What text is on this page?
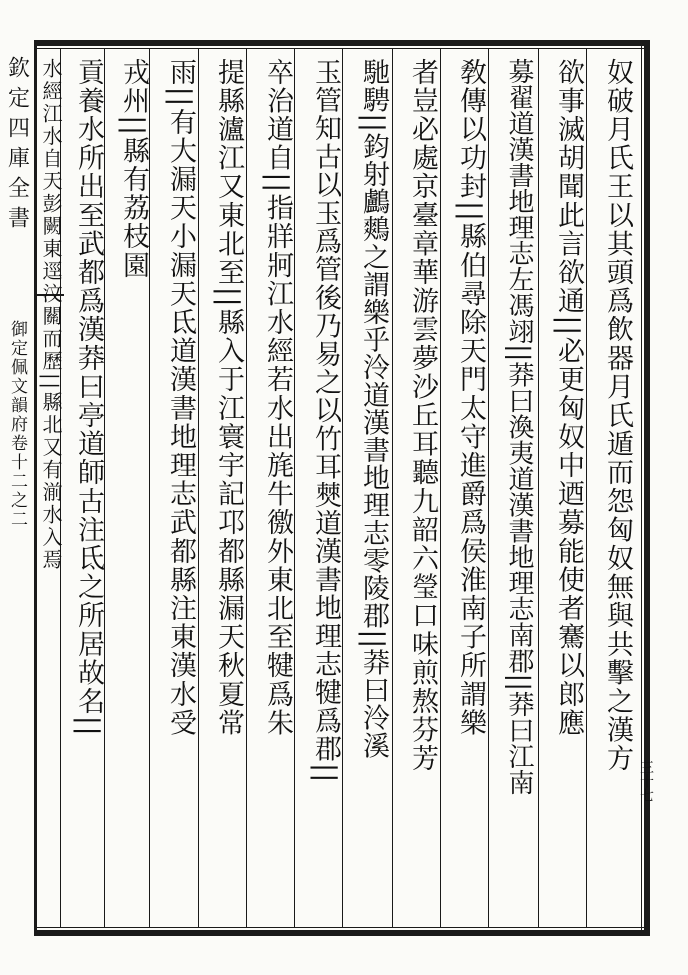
欽定四庫全書
御定佩文韻府卷十二之二
三十七
奴破月氏王以其頭爲飲器月氏遁而怨匈奴無與共擊之漢方
欲事滅胡聞此言欲通||必更匈奴中迺募能使者騫以郎應
募翟道漢書地理志左馮翊||莽曰渙夷道漢書地理志南郡||莽曰江南
敎傳以功封||縣伯尋除天門太守進爵爲侯淮南子所謂樂
者豈必處京臺章華游雲夢沙丘耳聽九韶六瑩口味煎熬芬芳
馳騁||鈞射鸕鷞之謂樂乎泠道漢書地理志零陵郡||莽曰泠溪
玉管知古以玉爲管後乃易之以竹耳僰道漢書地理志犍爲郡||
卒治道自||指牂牁江水經若水出旄牛徼外東北至犍爲朱
提縣瀘江又東北至||縣入于江寰宇記邛都縣漏天秋夏常
雨||有大漏天小漏天氐道漢書地理志武都縣注東漢水受
戎州||縣有荔枝園
貢養水所出至武都爲漢莽曰亭道師古注氐之所居故名||
水經江水自天彭闕東逕汶關而歷||縣北又有湔水入焉
